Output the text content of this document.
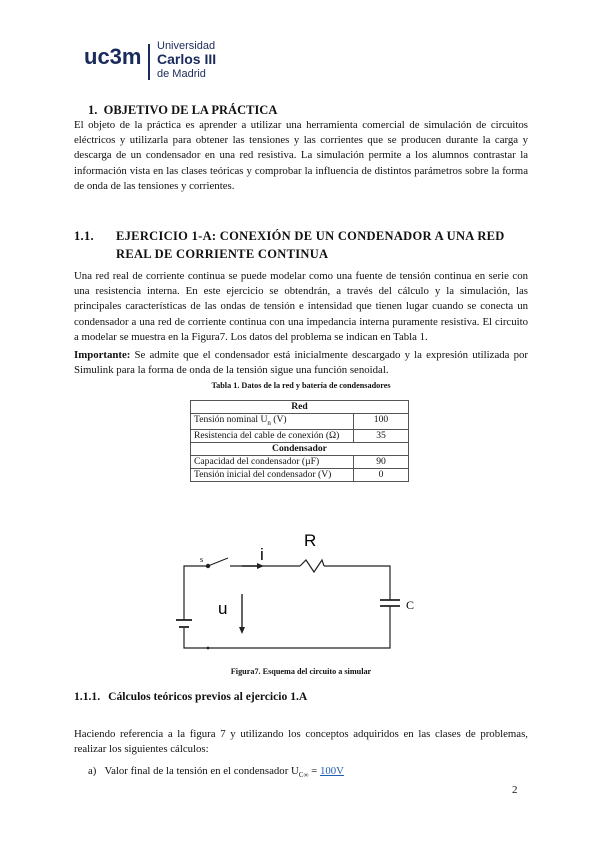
uc3m Universidad
Carlos III
de Madrid
1. OBJETIVO DE LA PRÁCTICA

El objeto de la práctica es aprender a utilizar una herramienta comercial de simulación de circuitos eléctricos y utilizarla para obtener las tensiones y las corrientes que se producen durante la carga y descarga de un condensador en una red resistiva. La simulación permite a los alumnos contrastar la información vista en las clases teóricas y comprobar la influencia de distintos parámetros sobre la forma de onda de las tensiones y corrientes.

1.1. EJERCICIO 1-A: CONEXIÓN DE UN CONDENADOR A UNA RED REAL DE CORRIENTE CONTINUA

Una red real de corriente continua se puede modelar como una fuente de tensión continua en serie con una resistencia interna. En este ejercicio se obtendrán, a través del cálculo y la simulación, las principales características de las ondas de tensión e intensidad que tienen lugar cuando se conecta un condensador a una red de corriente continua con una impedancia interna puramente resistiva. El circuito a modelar se muestra en la Figura7. Los datos del problema se indican en Tabla 1.

Importante: Se admite que el condensador está inicialmente descargado y la expresión utilizada por Simulink para la forma de onda de la tensión sigue una función senoidal.

Tabla 1. Datos de la red y batería de condensadores
Red	
Tensión nominal $U_n$ (V)	100
Resistencia del cable de conexión (Ω)	35
Condensador	
Capacidad del condensador (µF)	90
Tensión inicial del condensador (V)	0
s	i
R
u	C
Figura7. Esquema del circuito a simular
1.1.1. Cálculos teóricos previos al ejercicio 1.A

Haciendo referencia a la figura 7 y utilizando los conceptos adquiridos en las clases de problemas, realizar los siguientes cálculos:

a) Valor final de la tensión en el condensador $U_{C\infty} = 100V$
2
